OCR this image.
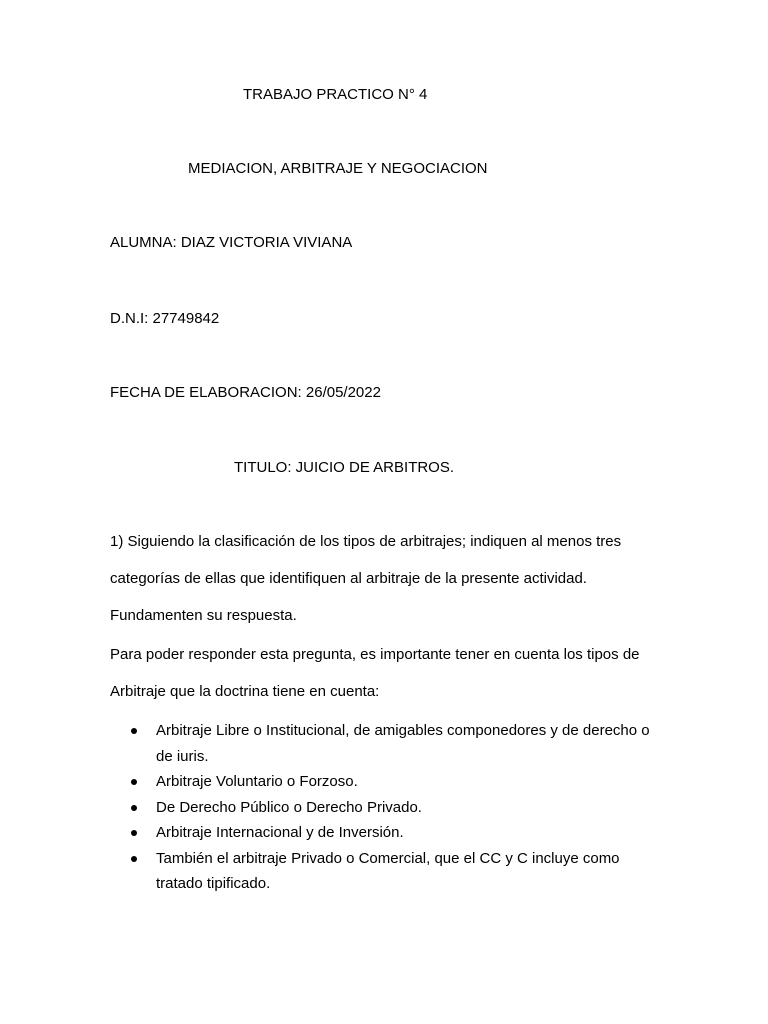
TRABAJO PRACTICO N° 4
MEDIACION, ARBITRAJE Y NEGOCIACION
ALUMNA: DIAZ VICTORIA VIVIANA
D.N.I: 27749842
FECHA DE ELABORACION: 26/05/2022
TITULO: JUICIO DE ARBITROS.
1) Siguiendo la clasificación de los tipos de arbitrajes; indiquen al menos tres
categorías de ellas que identifiquen al arbitraje de la presente actividad.
Fundamenten su respuesta.
Para poder responder esta pregunta, es importante tener en cuenta los tipos de
Arbitraje que la doctrina tiene en cuenta:
Arbitraje Libre o Institucional, de amigables componedores y de derecho o de iuris.
Arbitraje Voluntario o Forzoso.
De Derecho Público o Derecho Privado.
Arbitraje Internacional y de Inversión.
También el arbitraje Privado o Comercial, que el CC y C incluye como tratado tipificado.
